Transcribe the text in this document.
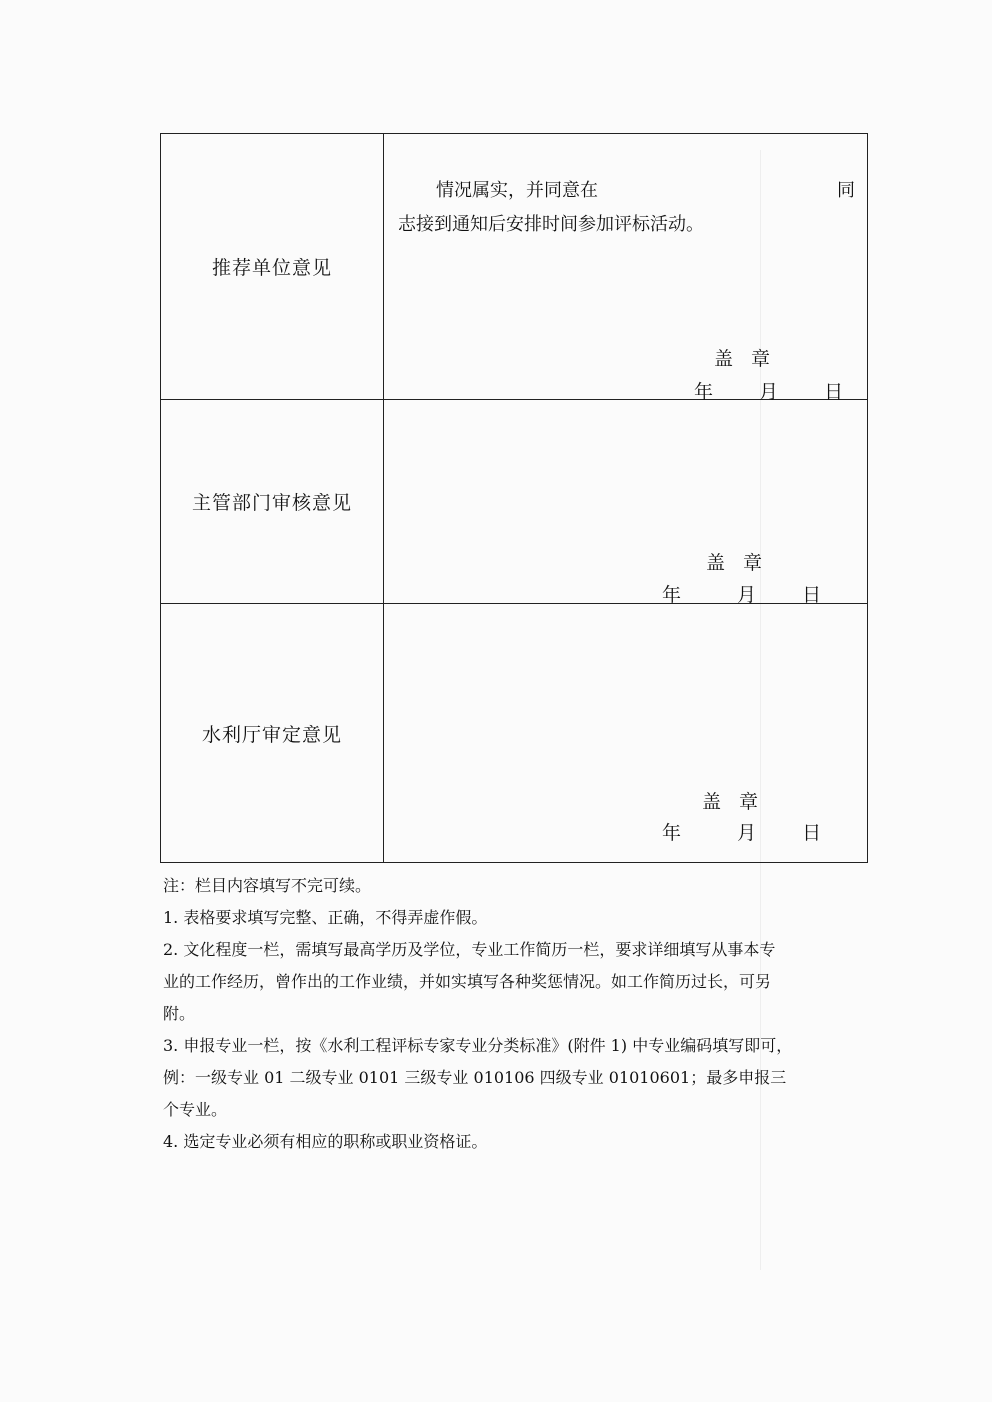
推荐单位意见
情况属实，并同意在	同
志接到通知后安排时间参加评标活动。
盖章
年 月 日
主管部门审核意见
盖章
年	月 日
水利厅审定意见
盖章
年	月 日

注：栏目内容填写不完可续。

1. 表格要求填写完整、正确，不得弄虚作假。

2. 文化程度一栏，需填写最高学历及学位，专业工作简历一栏，要求详细填写从事本专

业的工作经历，曾作出的工作业绩，并如实填写各种奖惩情况。如工作简历过长，可另

附。

3. 申报专业一栏，按《水利工程评标专家专业分类标准》(附件 1) 中专业编码填写即可，

例：一级专业 01 二级专业 0101 三级专业 010106 四级专业 01010601；最多申报三

个专业。

4. 选定专业必须有相应的职称或职业资格证。
